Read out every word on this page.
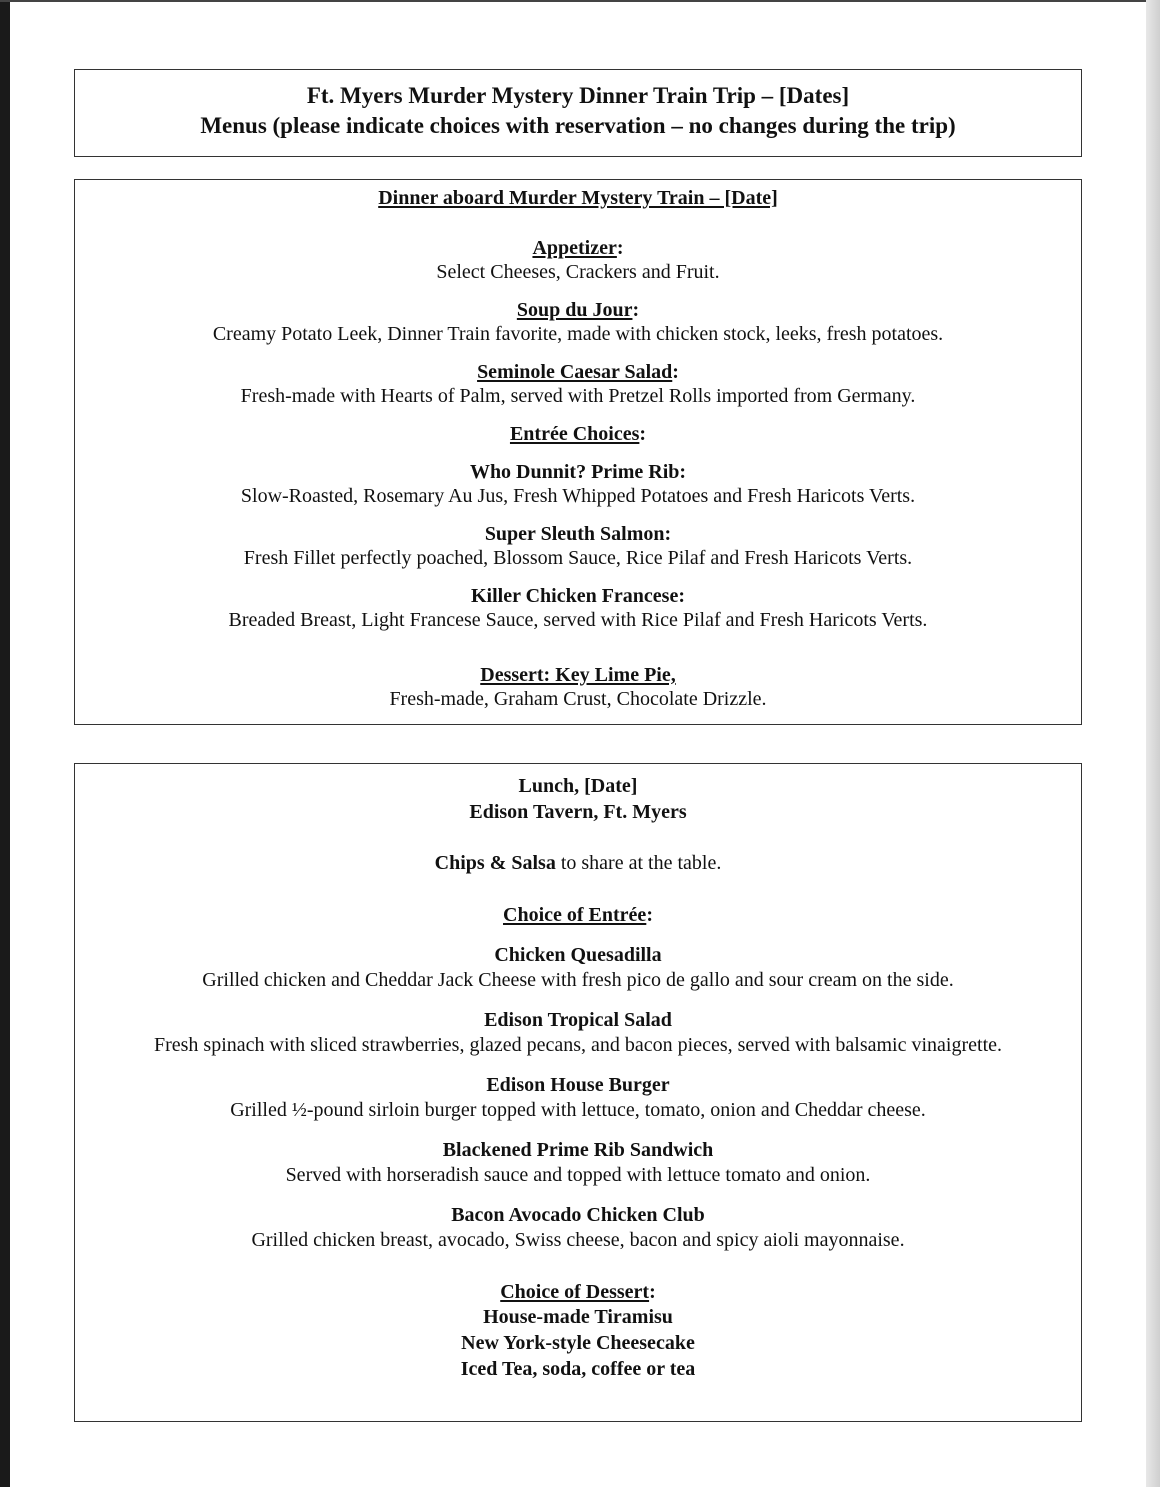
Ft. Myers Murder Mystery Dinner Train Trip – [Dates]
Menus (please indicate choices with reservation – no changes during the trip)
Dinner aboard Murder Mystery Train – [Date]
Appetizer:
Select Cheeses, Crackers and Fruit.
Soup du Jour:
Creamy Potato Leek, Dinner Train favorite, made with chicken stock, leeks, fresh potatoes.
Seminole Caesar Salad:
Fresh-made with Hearts of Palm, served with Pretzel Rolls imported from Germany.
Entrée Choices:
Who Dunnit? Prime Rib:
Slow-Roasted, Rosemary Au Jus, Fresh Whipped Potatoes and Fresh Haricots Verts.
Super Sleuth Salmon:
Fresh Fillet perfectly poached, Blossom Sauce, Rice Pilaf and Fresh Haricots Verts.
Killer Chicken Francese:
Breaded Breast, Light Francese Sauce, served with Rice Pilaf and Fresh Haricots Verts.
Dessert: Key Lime Pie,
Fresh-made, Graham Crust, Chocolate Drizzle.
Lunch, [Date]
Edison Tavern, Ft. Myers
Chips & Salsa to share at the table.
Choice of Entrée:
Chicken Quesadilla
Grilled chicken and Cheddar Jack Cheese with fresh pico de gallo and sour cream on the side.
Edison Tropical Salad
Fresh spinach with sliced strawberries, glazed pecans, and bacon pieces, served with balsamic vinaigrette.
Edison House Burger
Grilled ½-pound sirloin burger topped with lettuce, tomato, onion and Cheddar cheese.
Blackened Prime Rib Sandwich
Served with horseradish sauce and topped with lettuce tomato and onion.
Bacon Avocado Chicken Club
Grilled chicken breast, avocado, Swiss cheese, bacon and spicy aioli mayonnaise.
Choice of Dessert:
House-made Tiramisu
New York-style Cheesecake
Iced Tea, soda, coffee or tea
